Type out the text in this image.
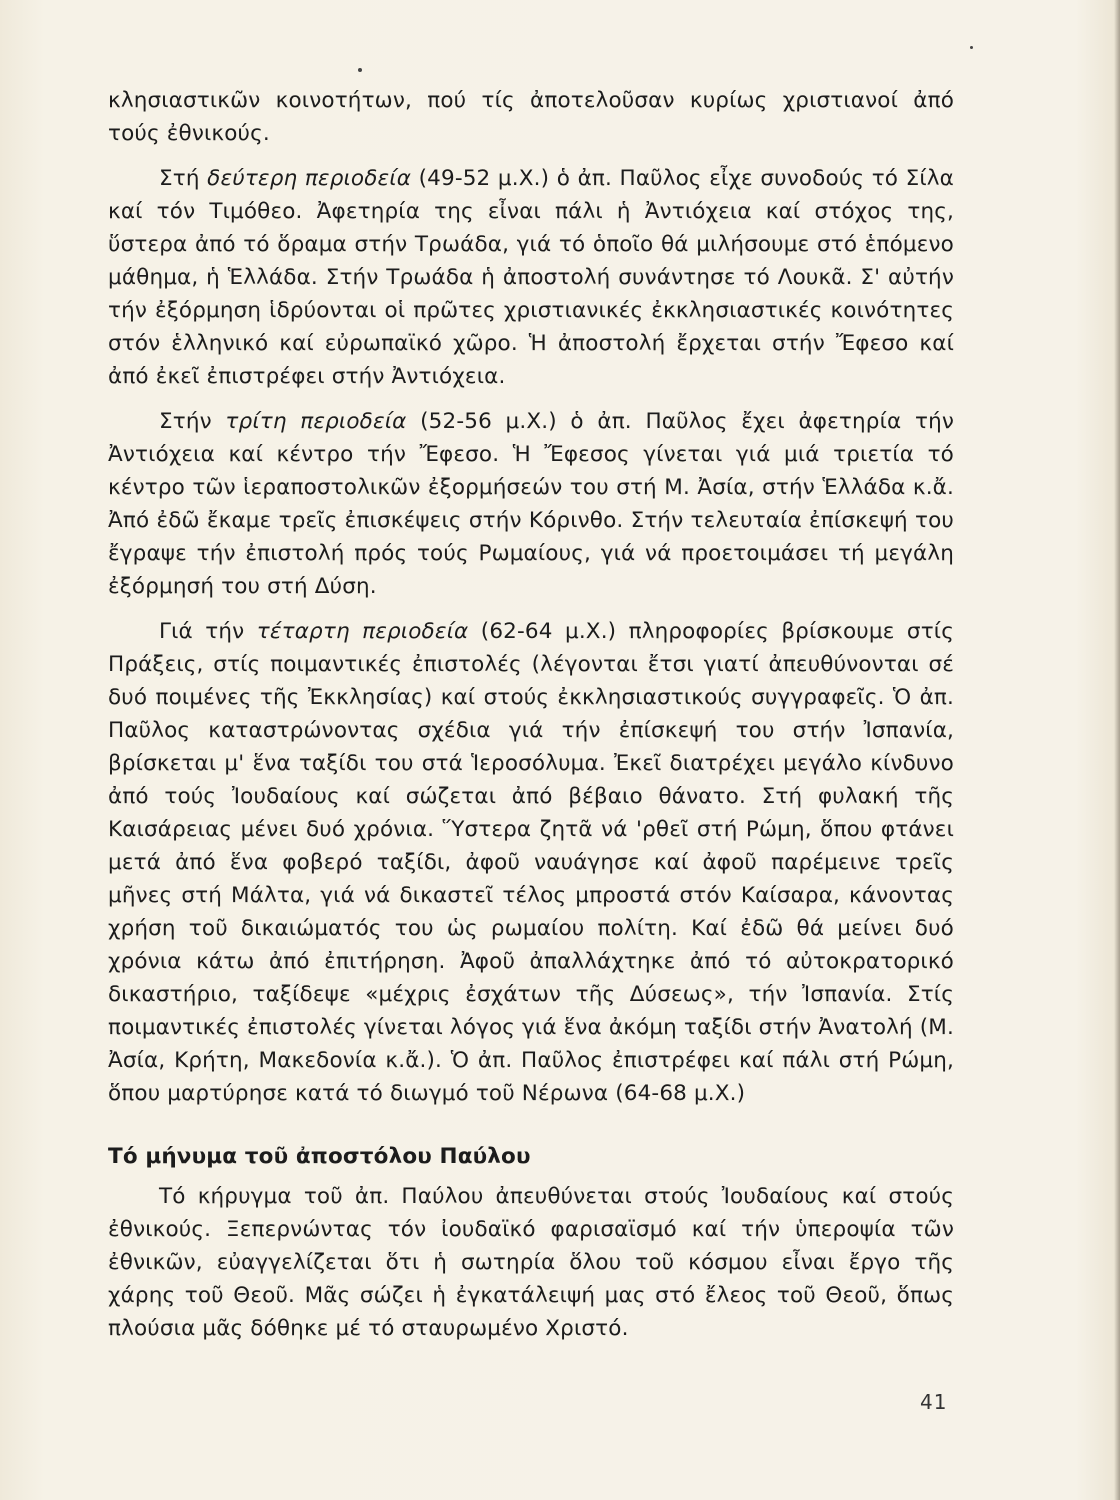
κλησιαστικῶν κοινοτήτων, πού τίς ἀποτελοῦσαν κυρίως χριστιανοί ἀπό τούς ἐθνικούς.

Στή δεύτερη περιοδεία (49-52 μ.Χ.) ὁ ἀπ. Παῦλος εἶχε συνοδούς τό Σίλα καί τόν Τιμόθεο. Ἀφετηρία της εἶναι πάλι ἡ Ἀντιόχεια καί στόχος της, ὕστερα ἀπό τό ὅραμα στήν Τρωάδα, γιά τό ὁποῖο θά μιλήσουμε στό ἑπόμενο μάθημα, ἡ Ἑλλάδα. Στήν Τρωάδα ἡ ἀποστολή συνάντησε τό Λουκᾶ. Σ' αὐτήν τήν ἐξόρμηση ἱδρύονται οἱ πρῶτες χριστιανικές ἐκκλησιαστικές κοινότητες στόν ἑλληνικό καί εὐρωπαϊκό χῶρο. Ἡ ἀποστολή ἔρχεται στήν Ἔφεσο καί ἀπό ἐκεῖ ἐπιστρέφει στήν Ἀντιόχεια.

Στήν τρίτη περιοδεία (52-56 μ.Χ.) ὁ ἀπ. Παῦλος ἔχει ἀφετηρία τήν Ἀντιόχεια καί κέντρο τήν Ἔφεσο. Ἡ Ἔφεσος γίνεται γιά μιά τριετία τό κέντρο τῶν ἱεραποστολικῶν ἐξορμήσεών του στή Μ. Ἀσία, στήν Ἑλλάδα κ.ἄ. Ἀπό ἐδῶ ἔκαμε τρεῖς ἐπισκέψεις στήν Κόρινθο. Στήν τελευταία ἐπίσκεψή του ἔγραψε τήν ἐπιστολή πρός τούς Ρωμαίους, γιά νά προετοιμάσει τή μεγάλη ἐξόρμησή του στή Δύση.

Γιά τήν τέταρτη περιοδεία (62-64 μ.Χ.) πληροφορίες βρίσκουμε στίς Πράξεις, στίς ποιμαντικές ἐπιστολές (λέγονται ἔτσι γιατί ἀπευθύνονται σέ δυό ποιμένες τῆς Ἐκκλησίας) καί στούς ἐκκλησιαστικούς συγγραφεῖς. Ὁ ἀπ. Παῦλος καταστρώνοντας σχέδια γιά τήν ἐπίσκεψή του στήν Ἰσπανία, βρίσκεται μ' ἕνα ταξίδι του στά Ἱεροσόλυμα. Ἐκεῖ διατρέχει μεγάλο κίνδυνο ἀπό τούς Ἰουδαίους καί σώζεται ἀπό βέβαιο θάνατο. Στή φυλακή τῆς Καισάρειας μένει δυό χρόνια. Ὕστερα ζητᾶ νά 'ρθεῖ στή Ρώμη, ὅπου φτάνει μετά ἀπό ἕνα φοβερό ταξίδι, ἀφοῦ ναυάγησε καί ἀφοῦ παρέμεινε τρεῖς μῆνες στή Μάλτα, γιά νά δικαστεῖ τέλος μπροστά στόν Καίσαρα, κάνοντας χρήση τοῦ δικαιώματός του ὡς ρωμαίου πολίτη. Καί ἐδῶ θά μείνει δυό χρόνια κάτω ἀπό ἐπιτήρηση. Ἀφοῦ ἀπαλλάχτηκε ἀπό τό αὐτοκρατορικό δικαστήριο, ταξίδεψε «μέχρις ἐσχάτων τῆς Δύσεως», τήν Ἰσπανία. Στίς ποιμαντικές ἐπιστολές γίνεται λόγος γιά ἕνα ἀκόμη ταξίδι στήν Ἀνατολή (Μ. Ἀσία, Κρήτη, Μακεδονία κ.ἄ.). Ὁ ἀπ. Παῦλος ἐπιστρέφει καί πάλι στή Ρώμη, ὅπου μαρτύρησε κατά τό διωγμό τοῦ Νέρωνα (64-68 μ.Χ.)

Τό μήνυμα τοῦ ἀποστόλου Παύλου

Τό κήρυγμα τοῦ ἀπ. Παύλου ἀπευθύνεται στούς Ἰουδαίους καί στούς ἐθνικούς. Ξεπερνώντας τόν ἰουδαϊκό φαρισαϊσμό καί τήν ὑπεροψία τῶν ἐθνικῶν, εὐαγγελίζεται ὅτι ἡ σωτηρία ὅλου τοῦ κόσμου εἶναι ἔργο τῆς χάρης τοῦ Θεοῦ. Μᾶς σώζει ἡ ἐγκατάλειψή μας στό ἔλεος τοῦ Θεοῦ, ὅπως πλούσια μᾶς δόθηκε μέ τό σταυρωμένο Χριστό.

41
